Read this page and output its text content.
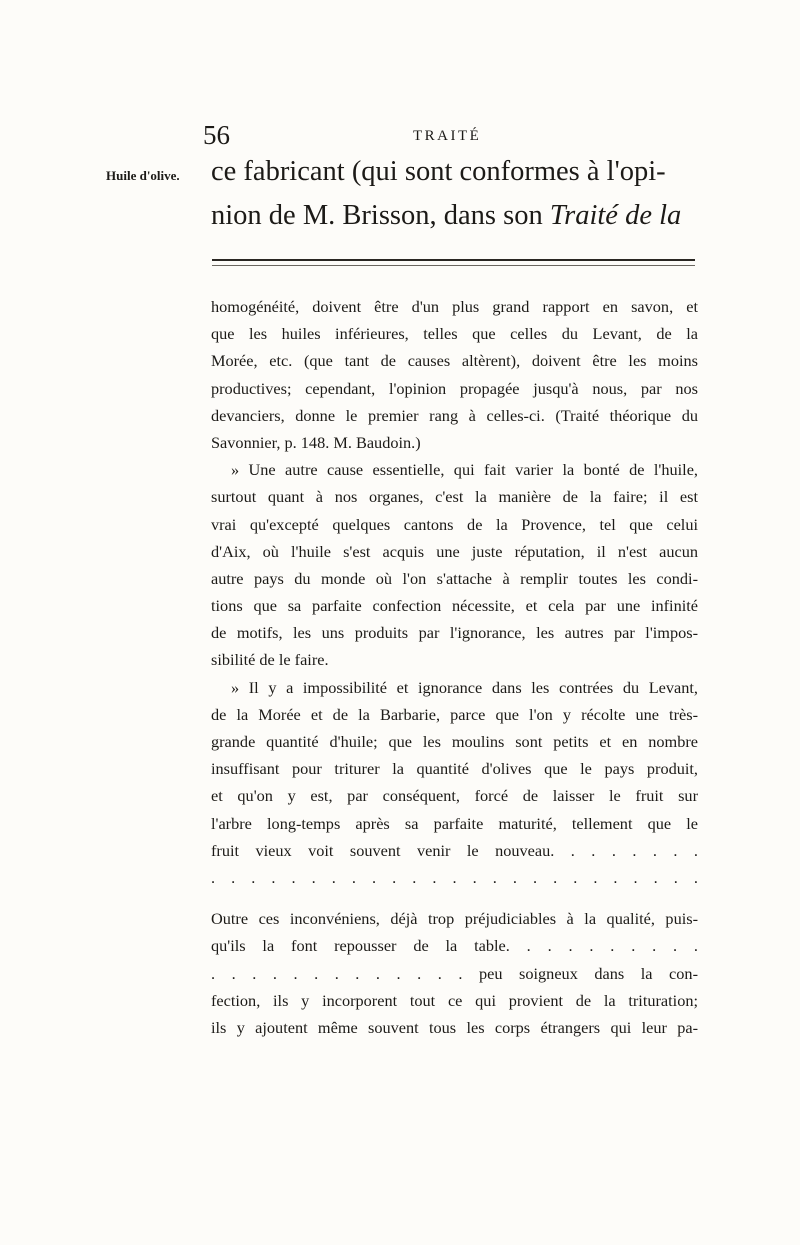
56	TRAITÉ
Huile d'olive. ce fabricant (qui sont conformes à l'opi-
nion de M. Brisson, dans son Traité de la
homogénéité, doivent être d'un plus grand rapport en savon, et
que les huiles inférieures, telles que celles du Levant, de la
Morée, etc. (que tant de causes altèrent), doivent être les moins
productives; cependant, l'opinion propagée jusqu'à nous, par nos
devanciers, donne le premier rang à celles-ci. (Traité théorique du
Savonnier, p. 148. M. Baudoin.)
» Une autre cause essentielle, qui fait varier la bonté de l'huile,
surtout quant à nos organes, c'est la manière de la faire; il est
vrai qu'excepté quelques cantons de la Provence, tel que celui
d'Aix, où l'huile s'est acquis une juste réputation, il n'est aucun
autre pays du monde où l'on s'attache à remplir toutes les condi-
tions que sa parfaite confection nécessite, et cela par une infinité
de motifs, les uns produits par l'ignorance, les autres par l'impos-
sibilité de le faire.
» Il y a impossibilité et ignorance dans les contrées du Levant,
de la Morée et de la Barbarie, parce que l'on y récolte une très-
grande quantité d'huile; que les moulins sont petits et en nombre
insuffisant pour triturer la quantité d'olives que le pays produit,
et qu'on y est, par conséquent, forcé de laisser le fruit sur
l'arbre long-temps après sa parfaite maturité, tellement que le
fruit vieux voit souvent venir le nouveau. . . . . . . .
. . . . . . . . . . . . . . . . . . . . . . . . .
Outre ces inconvéniens, déjà trop préjudiciables à la qualité, puis-
qu'ils la font repousser de la table. . . . . . . . . .
. . . . . . . . . . . . . peu soigneux dans la con-
fection, ils y incorporent tout ce qui provient de la trituration;
ils y ajoutent même souvent tous les corps étrangers qui leur pa-
